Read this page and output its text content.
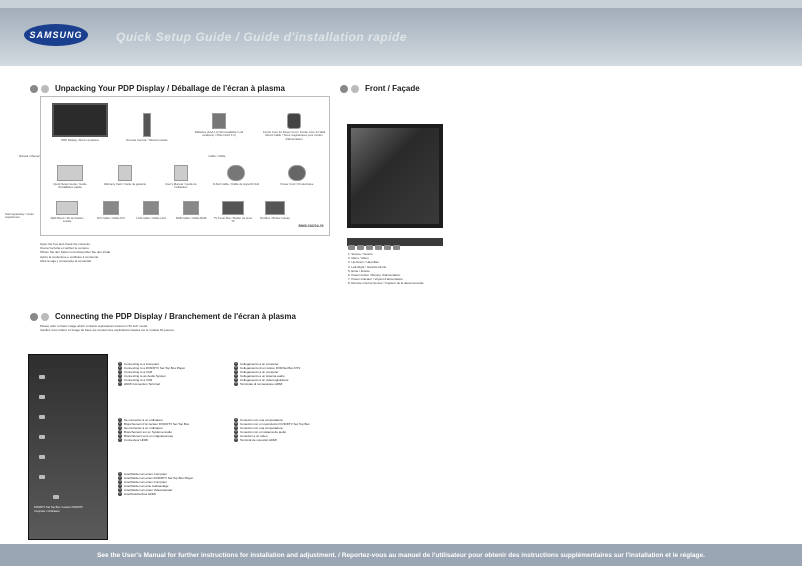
SAMSUNG	Quick Setup Guide / Guide d'installation rapide
Unpacking Your PDP Display / Déballage de l'écran à plasma
PDP Display / Écran à plasma	Remote Control / Télécommande
Batteries (AAA x 2) (Not available in all locations) / Piles (AAA X 2)
Ferrite Core for Power Cord / Ferrite Core for Wall Mount Cable / Tores magnétiques pour cordon d'alimentation
Manual / Manuel	Cable / Câble
Quick Setup Guide / Guide d'installation rapide
Warranty Card / Carte de garantie	User's Manual / Guide de l'utilisateur
D-Sub Cable / Câble de signal D-Sub	Power Cord / Fil électrique
Sold separately / Vente séparément	Wall Mount / Kit de fixation murale
DVI Cable / Câble DVI	LAN Cable / Câble LAN	RGB Cable / Câble RGB	TV Tuner Box / Boîtier de tuner TV
Net Box / Boîtier réseau
BN68-01620A-00
Open the box and check the contents.
Ouvrez la boîte et vérifiez le contenu.
Öffnen Sie den Karton und überprüfen Sie den Inhalt.
Aprire la confezione e verificare il contenuto.
Abra la caja y compruebe el contenido.
Front / Façade
1. Source / Source
2. Menu / Menu
3. Up-Down / Haut-Bas
4. Left-Right / Gauche-Droite
5. Enter / Entrée
6. Power button / Bouton d'alimentation
7. Power indicator / Voyant d'alimentation
8. Remote Control Sensor / Capteur de la télécommande
Connecting the PDP Display / Branchement de l'écran à plasma
Please refer to basic image which contains explanations based on 50 inch model.
Veuillez vous référer à l'image de base qui contient des explications basées sur le modèle 50 pouces.
DVD/DTV Set Top Box / Lecteur DVD/DTV
Computer / Ordinateur
1	Connecting to a Computer
2	Connecting to a DVD/DTV Set Top Box Player
3	Connecting to a VCR
4	Connecting to an Audio System
5	Connecting to a VCR
6	HDMI Connection Terminal
1	Se connecter à un ordinateur
2	Branchement d'un lecteur DVD/DTV Set Top Box
3	Se connecter à un ordinateur
4	Branchement sur un Système Audio
5	Branchement vers un magnétoscope
6	Connecteur HDMI
1	Anschließen an einen Computer
2	Anschließen an einen DVD/DTV Set Top Box Player
3	Anschließen an einen Computer
4	Anschließen an eine Audioanlage
5	Anschließen an einen Videorekorder
6	Anschlussbuchse HDMI
1	Collegamento a un computer
2	Collegamento di un lettore DVD/Set Box DTV
3	Collegamento a un computer
4	Collegamento a un sistema audio
5	Collegamento a un videoregistratore
6	Terminale di connessione HDMI
1	Conexión con una computadora
2	Conexión con un reproductor DVD/DTV Set Top Box
3	Conexión con una computadora
4	Conexión con un sistema de audio
5	Conexión a un vídeo
6	Terminal de conexión HDMI
See the User's Manual for further instructions for installation and adjustment. / Reportez-vous au manuel de l'utilisateur pour obtenir des instructions supplémentaires sur l'installation et le réglage.
